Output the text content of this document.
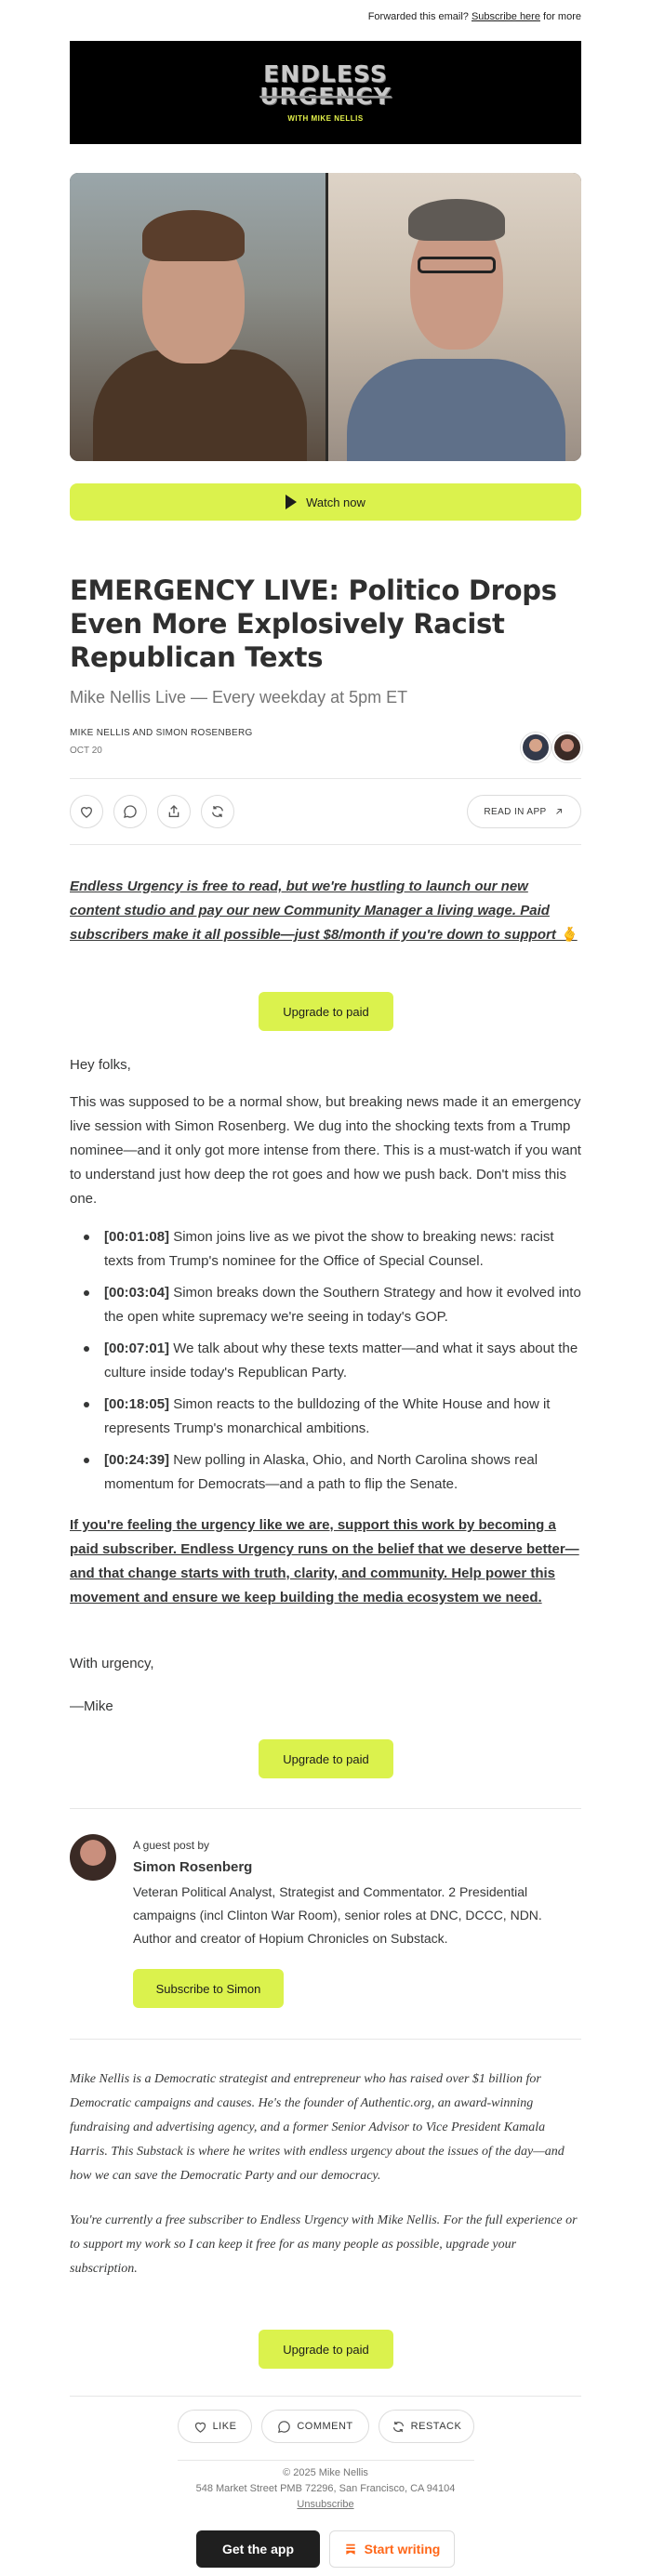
Forwarded this email? Subscribe here for more
ENDLESS
URGENCY
WITH MIKE NELLIS
Watch now
EMERGENCY LIVE: Politico Drops Even More Explosively Racist Republican Texts
Mike Nellis Live — Every weekday at 5pm ET
MIKE NELLIS AND SIMON ROSENBERG
OCT 20
READ IN APP

Endless Urgency is free to read, but we're hustling to launch our new content studio and pay our new Community Manager a living wage. Paid subscribers make it all possible—just $8/month if you're down to support 🫰

Upgrade to paid

Hey folks,

This was supposed to be a normal show, but breaking news made it an emergency live session with Simon Rosenberg. We dug into the shocking texts from a Trump nominee—and it only got more intense from there. This is a must-watch if you want to understand just how deep the rot goes and how we push back. Don't miss this one.

[00:01:08] Simon joins live as we pivot the show to breaking news: racist texts from Trump's nominee for the Office of Special Counsel.
[00:03:04] Simon breaks down the Southern Strategy and how it evolved into the open white supremacy we're seeing in today's GOP.
[00:07:01] We talk about why these texts matter—and what it says about the culture inside today's Republican Party.
[00:18:05] Simon reacts to the bulldozing of the White House and how it represents Trump's monarchical ambitions.
[00:24:39] New polling in Alaska, Ohio, and North Carolina shows real momentum for Democrats—and a path to flip the Senate.

If you're feeling the urgency like we are, support this work by becoming a paid subscriber. Endless Urgency runs on the belief that we deserve better—and that change starts with truth, clarity, and community. Help power this movement and ensure we keep building the media ecosystem we need.

With urgency,

—Mike

Upgrade to paid
A guest post by
Simon Rosenberg
Veteran Political Analyst, Strategist and Commentator. 2 Presidential campaigns (incl Clinton War Room), senior roles at DNC, DCCC, NDN. Author and creator of Hopium Chronicles on Substack.
Subscribe to Simon

Mike Nellis is a Democratic strategist and entrepreneur who has raised over $1 billion for Democratic campaigns and causes. He's the founder of Authentic.org, an award-winning fundraising and advertising agency, and a former Senior Advisor to Vice President Kamala Harris. This Substack is where he writes with endless urgency about the issues of the day—and how we can save the Democratic Party and our democracy.

You're currently a free subscriber to Endless Urgency with Mike Nellis. For the full experience or to support my work so I can keep it free for as many people as possible, upgrade your subscription.

Upgrade to paid
LIKE	COMMENT	RESTACK
© 2025 Mike Nellis
548 Market Street PMB 72296, San Francisco, CA 94104
Unsubscribe
Get the app	Start writing
